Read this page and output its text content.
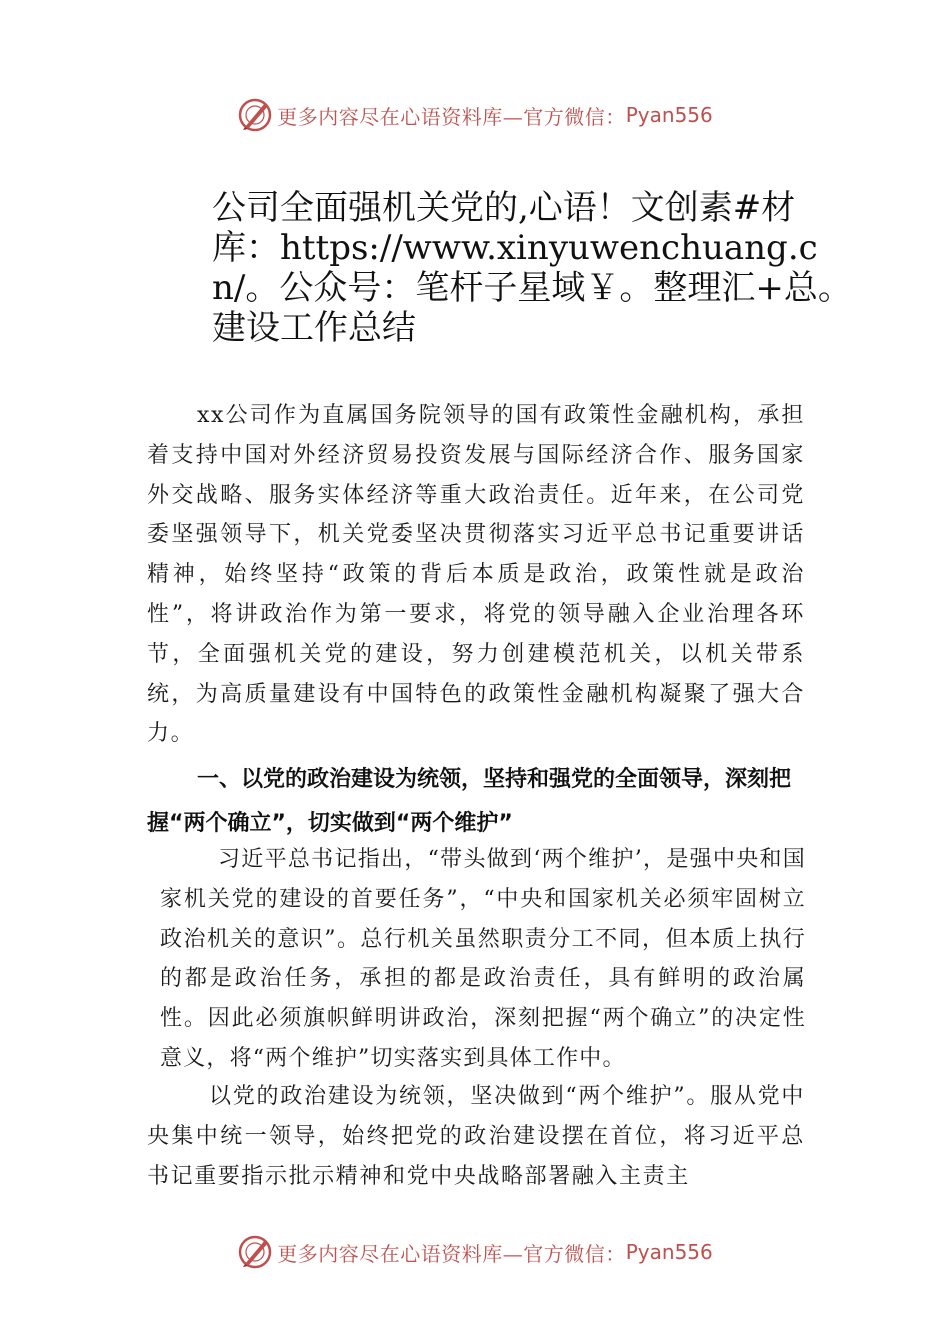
更多内容尽在心语资料库—官方微信： Pyan556
公司全面强机关党的,心语！文创素#材库：https://www.xinyuwenchuang.cn/。公众号：笔杆子星域￥。整理汇+总。建设工作总结

xx公司作为直属国务院领导的国有政策性金融机构，承担着支持中国对外经济贸易投资发展与国际经济合作、服务国家外交战略、服务实体经济等重大政治责任。近年来，在公司党委坚强领导下，机关党委坚决贯彻落实习近平总书记重要讲话精神，始终坚持“政策的背后本质是政治，政策性就是政治性”，将讲政治作为第一要求，将党的领导融入企业治理各环节，全面强机关党的建设，努力创建模范机关，以机关带系统，为高质量建设有中国特色的政策性金融机构凝聚了强大合力。

一、以党的政治建设为统领，坚持和强党的全面领导，深刻把握“两个确立”，切实做到“两个维护”

习近平总书记指出，“带头做到‘两个维护’，是强中央和国家机关党的建设的首要任务”，“中央和国家机关必须牢固树立政治机关的意识”。总行机关虽然职责分工不同，但本质上执行的都是政治任务，承担的都是政治责任，具有鲜明的政治属性。因此必须旗帜鲜明讲政治，深刻把握“两个确立”的决定性意义，将“两个维护”切实落实到具体工作中。

以党的政治建设为统领，坚决做到“两个维护”。服从党中央集中统一领导，始终把党的政治建设摆在首位，将习近平总书记重要指示批示精神和党中央战略部署融入主责主

更多内容尽在心语资料库—官方微信： Pyan556
